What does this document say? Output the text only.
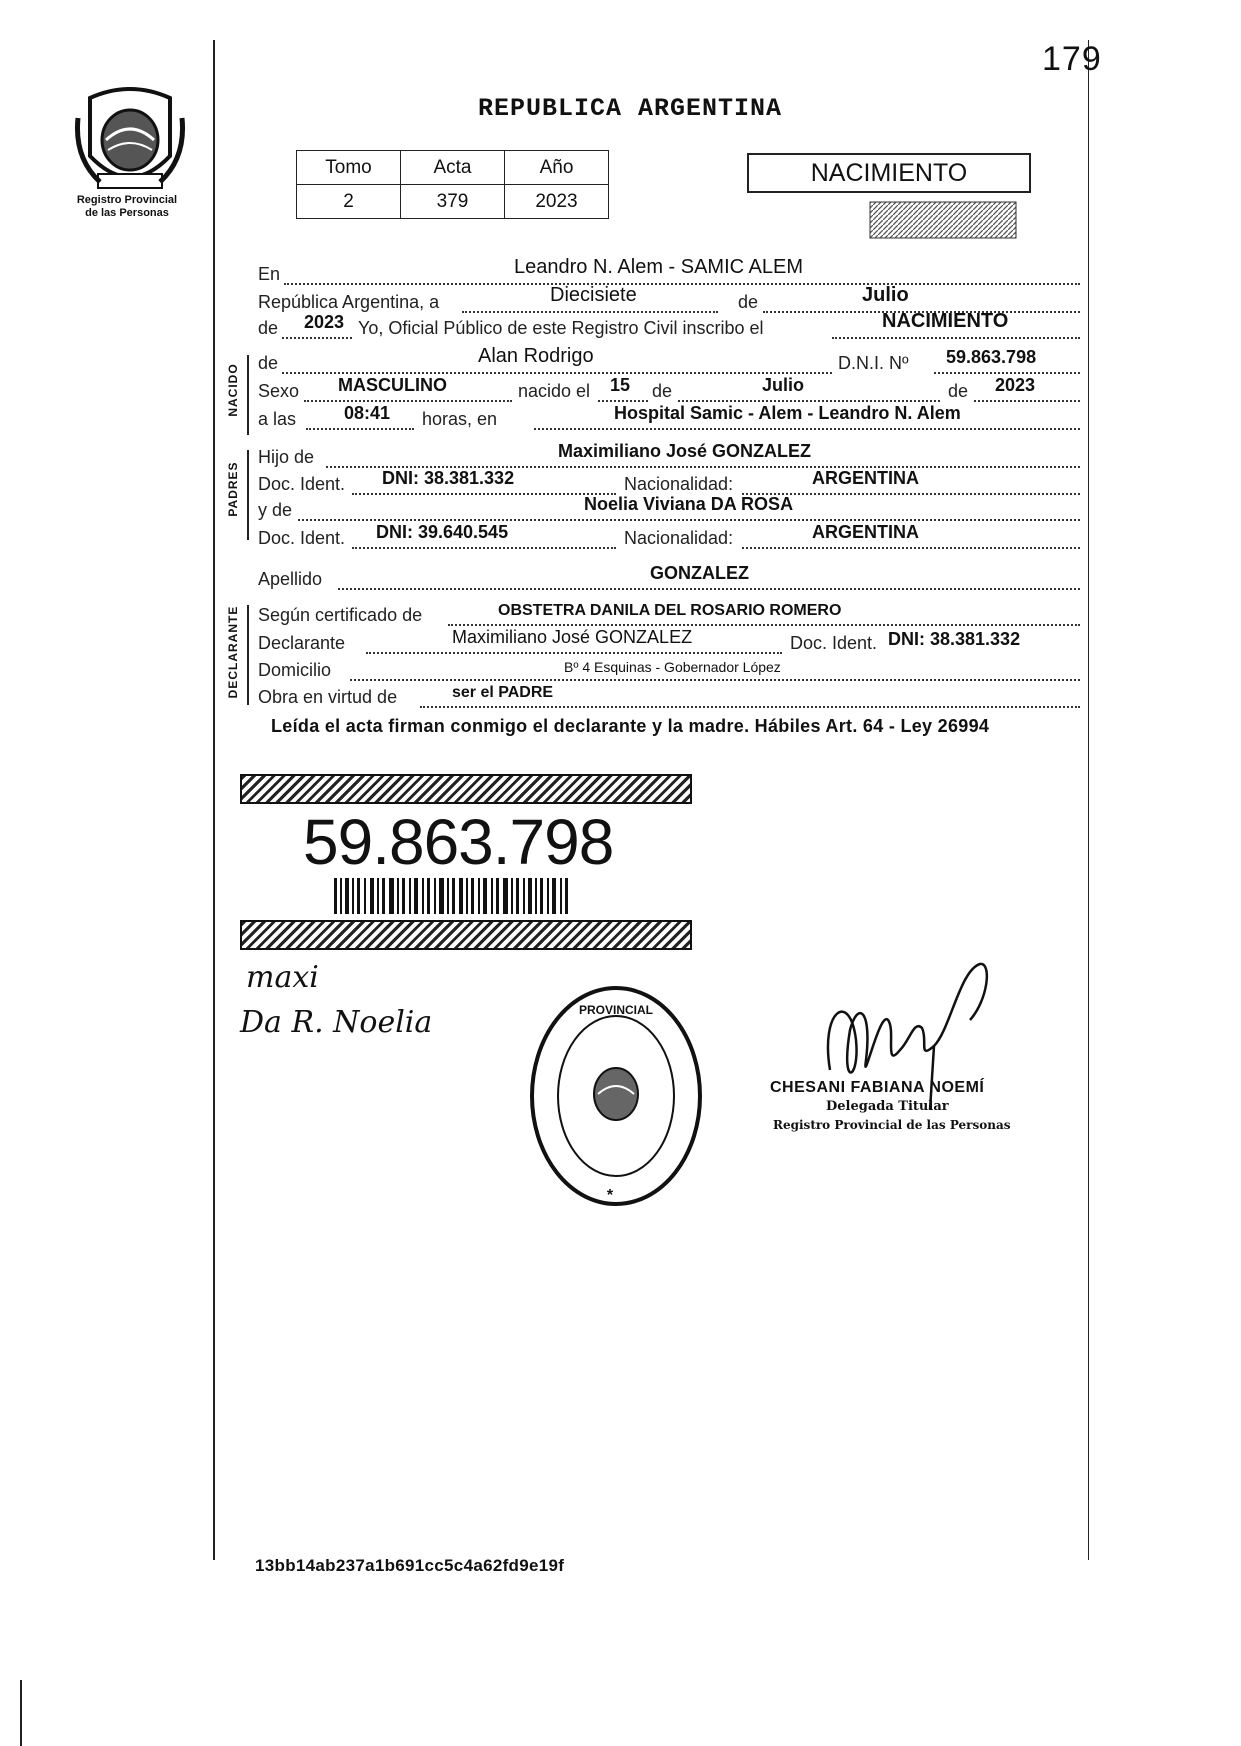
179
REPUBLICA ARGENTINA
Registro Provincial
de las Personas
Tomo	Acta	Año
2	379	2023
NACIMIENTO
En	Leandro N. Alem - SAMIC ALEM
República Argentina, a	Diecisiete	de	Julio
de 2023 Yo, Oficial Público de este Registro Civil inscribo el	NACIMIENTO
NACIDO
de	Alan Rodrigo	D.N.I. Nº 59.863.798
Sexo MASCULINO	nacido el 15 de	Julio	de 2023
a las	08:41 horas, en	Hospital Samic - Alem - Leandro N. Alem
PADRES
Hijo de	Maximiliano José GONZALEZ
Doc. Ident. DNI: 38.381.332	Nacionalidad:	ARGENTINA
y de	Noelia Viviana DA ROSA
Doc. Ident. DNI: 39.640.545	Nacionalidad:	ARGENTINA
Apellido	GONZALEZ
DECLARANTE Según certificado de	OBSTETRA DANILA DEL ROSARIO ROMERO
Declarante	Maximiliano José GONZALEZ	Doc. Ident. DNI: 38.381.332
Domicilio	Bº 4 Esquinas - Gobernador López
Obra en virtud de	ser el PADRE
Leída el acta firman conmigo el declarante y la madre. Hábiles Art. 64 - Ley 26994
59.863.798
maxi
Da R. Noelia	PROVINCIAL
*
CHESANI FABIANA NOEMÍ
Delegada Titular
Registro Provincial de las Personas
13bb14ab237a1b691cc5c4a62fd9e19f
